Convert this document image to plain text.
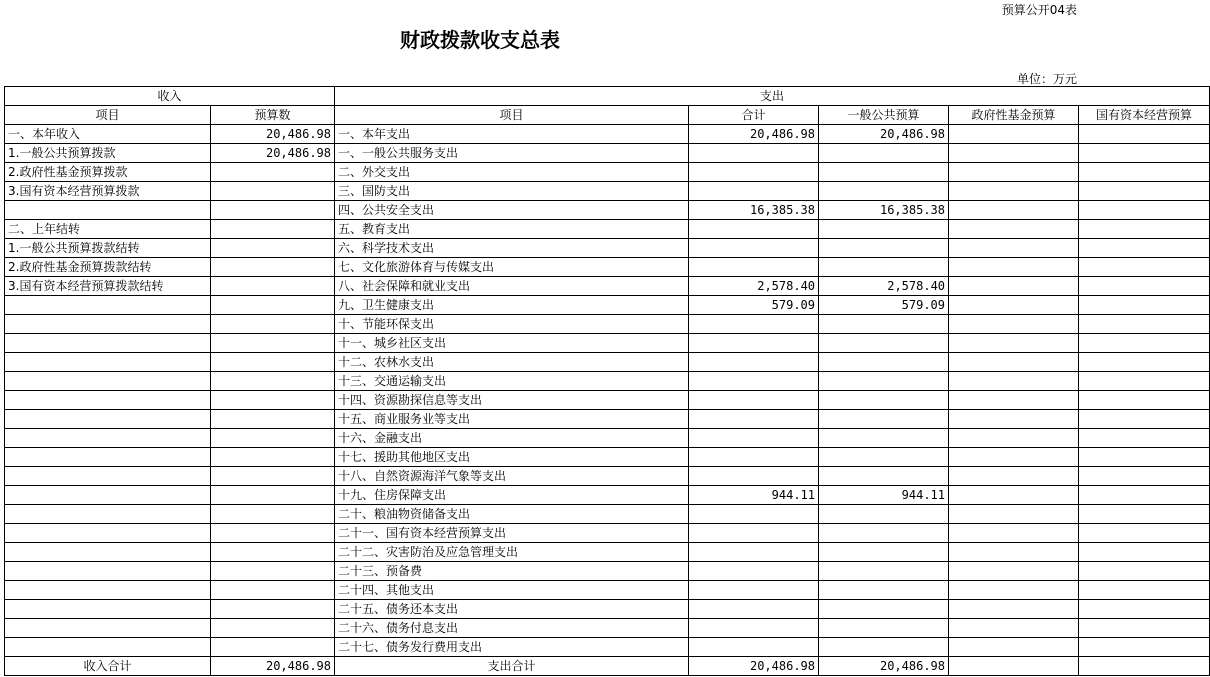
预算公开04表
财政拨款收支总表
单位：万元
收入		支出				
项目	预算数	项目	合计	一般公共预算	政府性基金预算	国有资本经营预算
一、本年收入	20,486.98	一、本年支出	20,486.98	20,486.98		
1.一般公共预算拨款	20,486.98	一、一般公共服务支出				
2.政府性基金预算拨款		二、外交支出				
3.国有资本经营预算拨款		三、国防支出				
		四、公共安全支出	16,385.38	16,385.38		
二、上年结转		五、教育支出				
1.一般公共预算拨款结转		六、科学技术支出				
2.政府性基金预算拨款结转		七、文化旅游体育与传媒支出				
3.国有资本经营预算拨款结转		八、社会保障和就业支出	2,578.40	2,578.40		
		九、卫生健康支出	579.09	579.09		
		十、节能环保支出				
		十一、城乡社区支出				
		十二、农林水支出				
		十三、交通运输支出				
		十四、资源勘探信息等支出				
		十五、商业服务业等支出				
		十六、金融支出				
		十七、援助其他地区支出				
		十八、自然资源海洋气象等支出				
		十九、住房保障支出	944.11	944.11		
		二十、粮油物资储备支出				
		二十一、国有资本经营预算支出				
		二十二、灾害防治及应急管理支出				
		二十三、预备费				
		二十四、其他支出				
		二十五、债务还本支出				
		二十六、债务付息支出				
		二十七、债务发行费用支出				
收入合计	20,486.98	支出合计	20,486.98	20,486.98		
